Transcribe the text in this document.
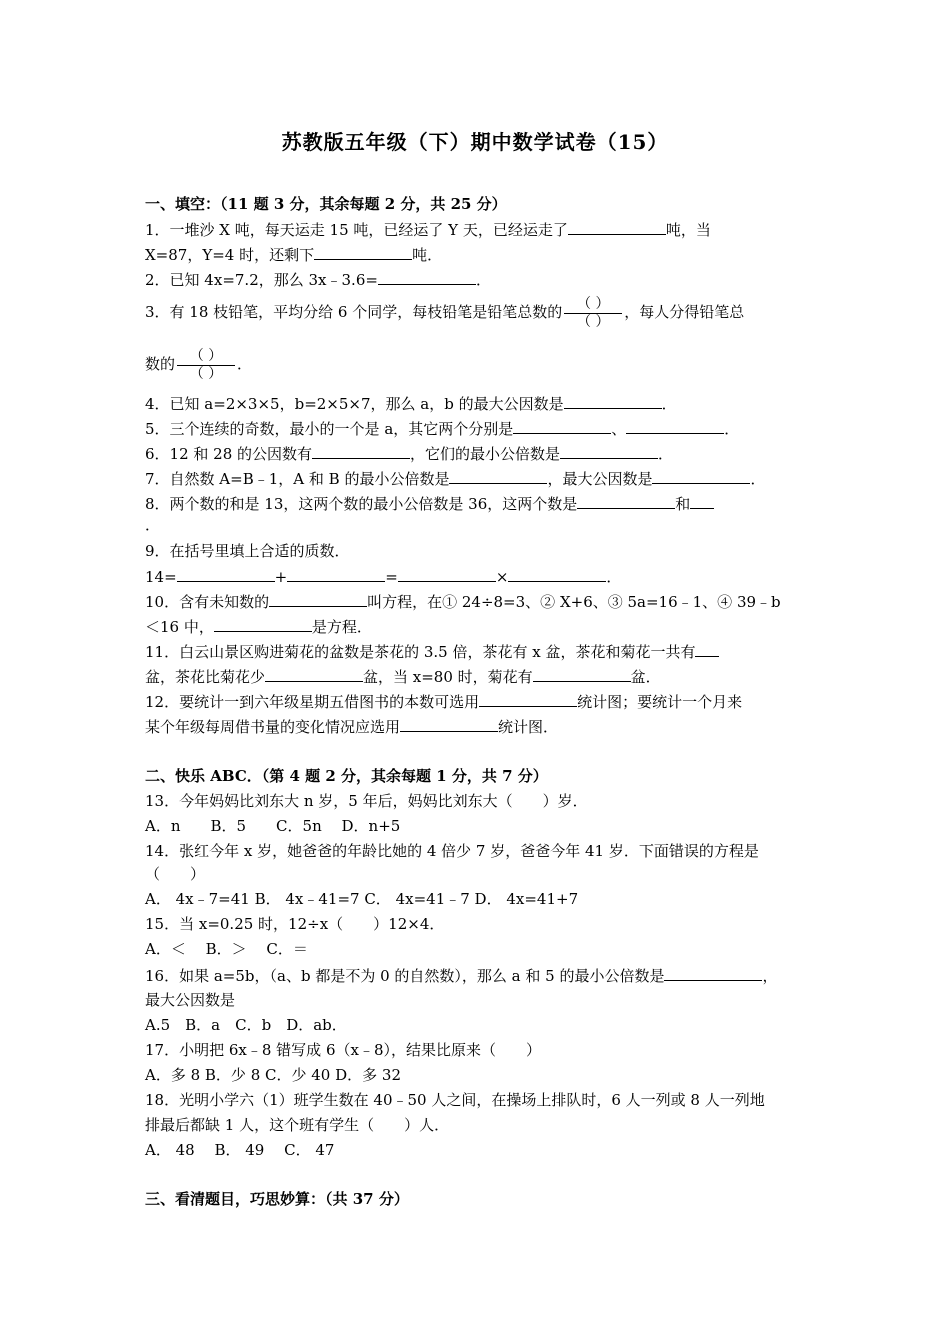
苏教版五年级（下）期中数学试卷（15）
一、填空：（11 题 3 分，其余每题 2 分，共 25 分）
1．一堆沙 X 吨，每天运走 15 吨，已经运了 Y 天，已经运走了	吨，当
X=87，Y=4 时，还剩下	吨．
2．已知 4x=7.2，那么 3x﹣3.6=	．
3．有 18 枝铅笔，平均分给 6 个同学，每枝铅笔是铅笔总数的 $\frac{( )}{( )}$ ，每人分得铅笔总
数的 $\frac{( )}{( )}$ ．
4．已知 a=2×3×5，b=2×5×7，那么 a，b 的最大公因数是	．
5．三个连续的奇数，最小的一个是 a，其它两个分别是	、	．
6．12 和 28 的公因数有	，它们的最小公倍数是	．
7．自然数 A=B﹣1，A 和 B 的最小公倍数是	，最大公因数是	．
8．两个数的和是 13，这两个数的最小公倍数是 36，这两个数是	和
．
9．在括号里填上合适的质数．
14=	+	=	×	．
10．含有未知数的	叫方程，在① 24÷8=3、② X+6、③ 5a=16﹣1、④ 39﹣b
＜16 中，	是方程．
11．白云山景区购进菊花的盆数是茶花的 3.5 倍，茶花有 x 盆，茶花和菊花一共有
盆，茶花比菊花少	盆，当 x=80 时，菊花有	盆．
12．要统计一到六年级星期五借图书的本数可选用	统计图；要统计一个月来
某个年级每周借书量的变化情况应选用	统计图．
二、快乐 ABC．（第 4 题 2 分，其余每题 1 分，共 7 分）
13．今年妈妈比刘东大 n 岁，5 年后，妈妈比刘东大（　　）岁．
A．n　　B．5　　C．5n　 D．n+5
14．张红今年 x 岁，她爸爸的年龄比她的 4 倍少 7 岁，爸爸今年 41 岁．下面错误的方程是
（　　）
A． 4x﹣7=41 B． 4x﹣41=7 C． 4x=41﹣7 D． 4x=41+7
15．当 x=0.25 时，12÷x（　　）12×4．
A．＜　 B．＞　 C．＝
16．如果 a=5b，（a、b 都是不为 0 的自然数），那么 a 和 5 的最小公倍数是	，
最大公因数是
A.5　B．a　C．b　D．ab．
17．小明把 6x﹣8 错写成 6（x﹣8），结果比原来（　　）
A．多 8 B．少 8 C．少 40 D．多 32
18．光明小学六（1）班学生数在 40﹣50 人之间，在操场上排队时，6 人一列或 8 人一列地
排最后都缺 1 人，这个班有学生（　　）人．
A． 48　 B． 49　 C． 47
三、看清题目，巧思妙算：（共 37 分）
